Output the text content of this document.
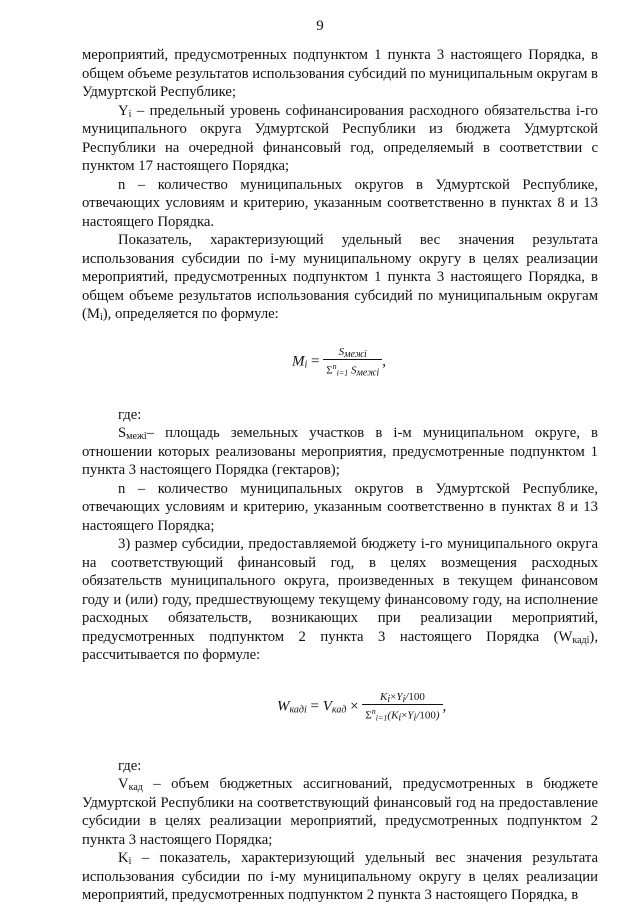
9

мероприятий, предусмотренных подпунктом 1 пункта 3 настоящего Порядка, в общем объеме результатов использования субсидий по муниципальным округам в Удмуртской Республике;

$Y_i$ – предельный уровень софинансирования расходного обязательства i-го муниципального округа Удмуртской Республики из бюджета Удмуртской Республики на очередной финансовый год, определяемый в соответствии с пунктом 17 настоящего Порядка;

n – количество муниципальных округов в Удмуртской Республике, отвечающих условиям и критерию, указанным соответственно в пунктах 8 и 13 настоящего Порядка.

Показатель, характеризующий удельный вес значения результата использования субсидии по i-му муниципальному округу в целях реализации мероприятий, предусмотренных подпунктом 1 пункта 3 настоящего Порядка, в общем объеме результатов использования субсидий по муниципальным округам $(M_i)$, определяется по формуле:

$M_i = \frac{S_{межi}}{\Sigma^n_{i=1} S_{межi}}$ ,

где:

$S_{межi}-$ площадь земельных участков в i-м муниципальном округе, в отношении которых реализованы мероприятия, предусмотренные подпунктом 1 пункта 3 настоящего Порядка (гектаров);

n – количество муниципальных округов в Удмуртской Республике, отвечающих условиям и критерию, указанным соответственно в пунктах 8 и 13 настоящего Порядка;

3) размер субсидии, предоставляемой бюджету i-го муниципального округа на соответствующий финансовый год, в целях возмещения расходных обязательств муниципального округа, произведенных в текущем финансовом году и (или) году, предшествующему текущему финансовому году, на исполнение расходных обязательств, возникающих при реализации мероприятий, предусмотренных подпунктом 2 пункта 3 настоящего Порядка $(W_{кадi})$, рассчитывается по формуле:

$W_{кадi} = V_{кад} \times \frac{K_i\times Y_i/100}{\Sigma^n_{i=1}(K_i\times Y_i/100)}$ ,

где:

$V_{кад}$ – объем бюджетных ассигнований, предусмотренных в бюджете Удмуртской Республики на соответствующий финансовый год на предоставление субсидии в целях реализации мероприятий, предусмотренных подпунктом 2 пункта 3 настоящего Порядка;

$K_i$ – показатель, характеризующий удельный вес значения результата использования субсидии по i-му муниципальному округу в целях реализации мероприятий, предусмотренных подпунктом 2 пункта 3 настоящего Порядка, в
